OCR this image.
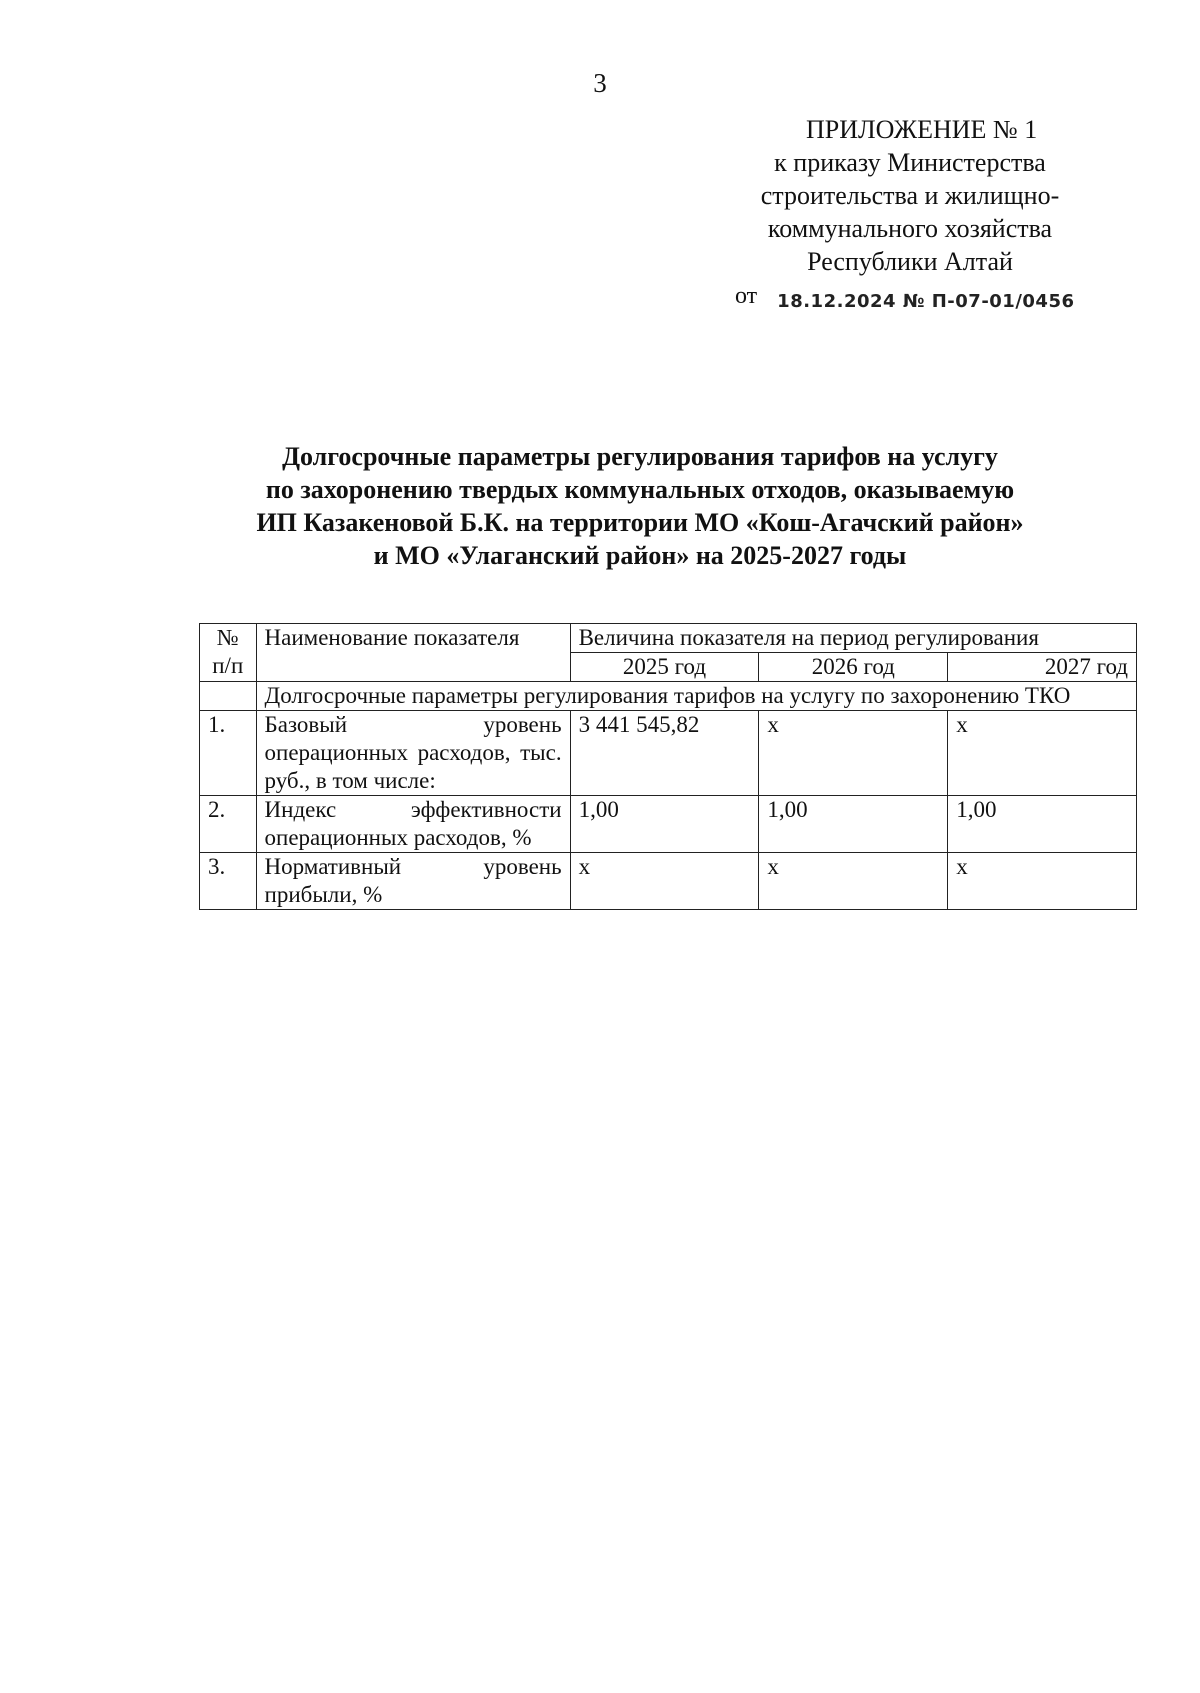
3
ПРИЛОЖЕНИЕ № 1
к приказу Министерства
строительства и жилищно-
коммунального хозяйства
Республики Алтай
от 18.12.2024 № П-07-01/0456
Долгосрочные параметры регулирования тарифов на услугу
по захоронению твердых коммунальных отходов, оказываемую
ИП Казакеновой Б.К. на территории МО «Кош-Агачский район»
и МО «Улаганский район» на 2025-2027 годы
№
п/п	Наименование показателя	Величина показателя на период регулирования		
		2025 год	2026 год	2027 год
	Долгосрочные параметры регулирования тарифов на услугу по захоронению ТКО			
1.	Базовый уровень операционных расходов, тыс. руб., в том числе:	3 441 545,82	x	x
2.	Индекс эффективности операционных расходов, %	1,00	1,00	1,00
3.	Нормативный уровень прибыли, %	x	x	x
